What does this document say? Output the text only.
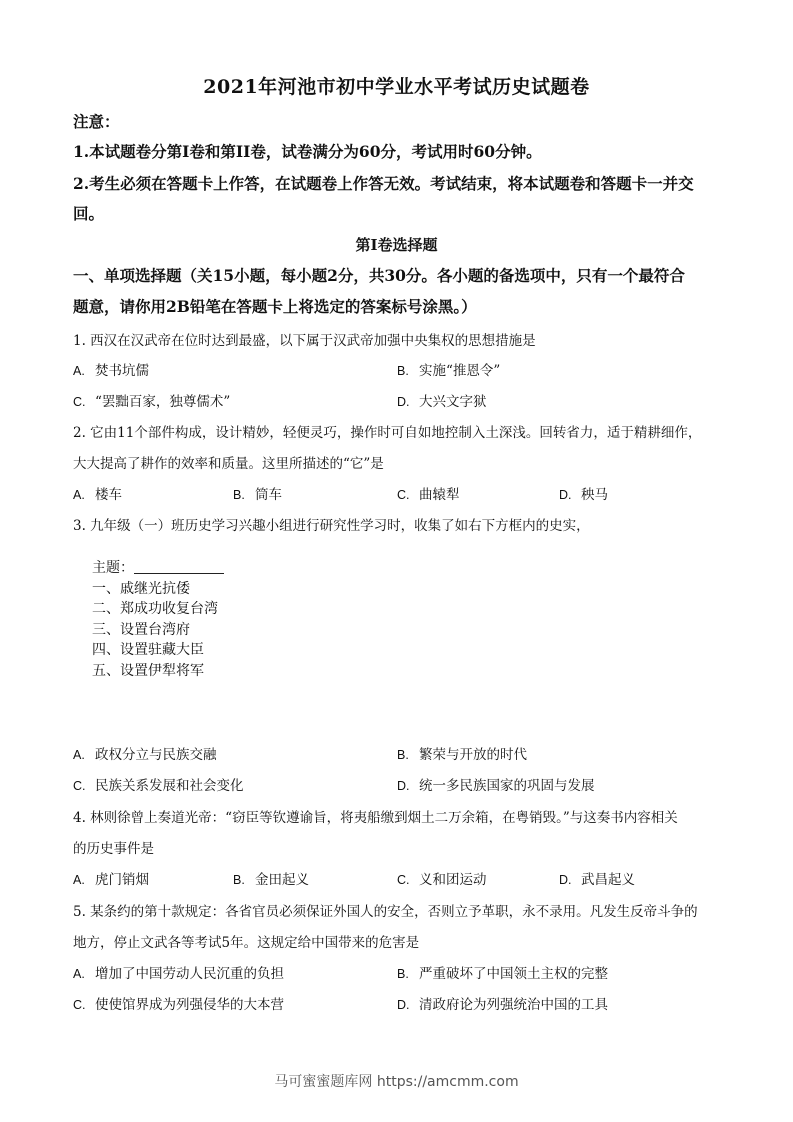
2021年河池市初中学业水平考试历史试题卷
注意：
1.本试题卷分第Ⅰ卷和第II卷，试卷满分为60分，考试用时60分钟。
2.考生必须在答题卡上作答，在试题卷上作答无效。考试结束，将本试题卷和答题卡一并交
回。
第Ⅰ卷选择题
一、单项选择题（关15小题，每小题2分，共30分。各小题的备选项中，只有一个最符合
题意，请你用2B铅笔在答题卡上将选定的答案标号涂黑。）
1. 西汉在汉武帝在位时达到最盛，以下属于汉武帝加强中央集权的思想措施是
A. 焚书坑儒	B. 实施“推恩令”
C. “罢黜百家，独尊儒术”	D. 大兴文字狱
2. 它由11个部件构成，设计精妙，轻便灵巧，操作时可自如地控制入土深浅。回转省力，适于精耕细作，
大大提高了耕作的效率和质量。这里所描述的“它”是
A. 楼车	B. 筒车	C. 曲辕犁	D. 秧马
3. 九年级（一）班历史学习兴趣小组进行研究性学习时，收集了如右下方框内的史实，
主题：
一、戚继光抗倭
二、郑成功收复台湾
三、设置台湾府
四、设置驻藏大臣
五、设置伊犁将军
A. 政权分立与民族交融	B. 繁荣与开放的时代
C. 民族关系发展和社会变化	D. 统一多民族国家的巩固与发展
4. 林则徐曾上奏道光帝：“窃臣等钦遵谕旨，将夷船缴到烟土二万余箱，在粤销毁。”与这奏书内容相关
的历史事件是
A. 虎门销烟	B. 金田起义	C. 义和团运动	D. 武昌起义
5. 某条约的第十款规定：各省官员必须保证外国人的安全，否则立予革职，永不录用。凡发生反帝斗争的
地方，停止文武各等考试5年。这规定给中国带来的危害是
A. 增加了中国劳动人民沉重的负担	B. 严重破坏了中国领土主权的完整
C. 使使馆界成为列强侵华的大本营	D. 清政府论为列强统治中国的工具
马可蜜蜜题库网 https://amcmm.com
